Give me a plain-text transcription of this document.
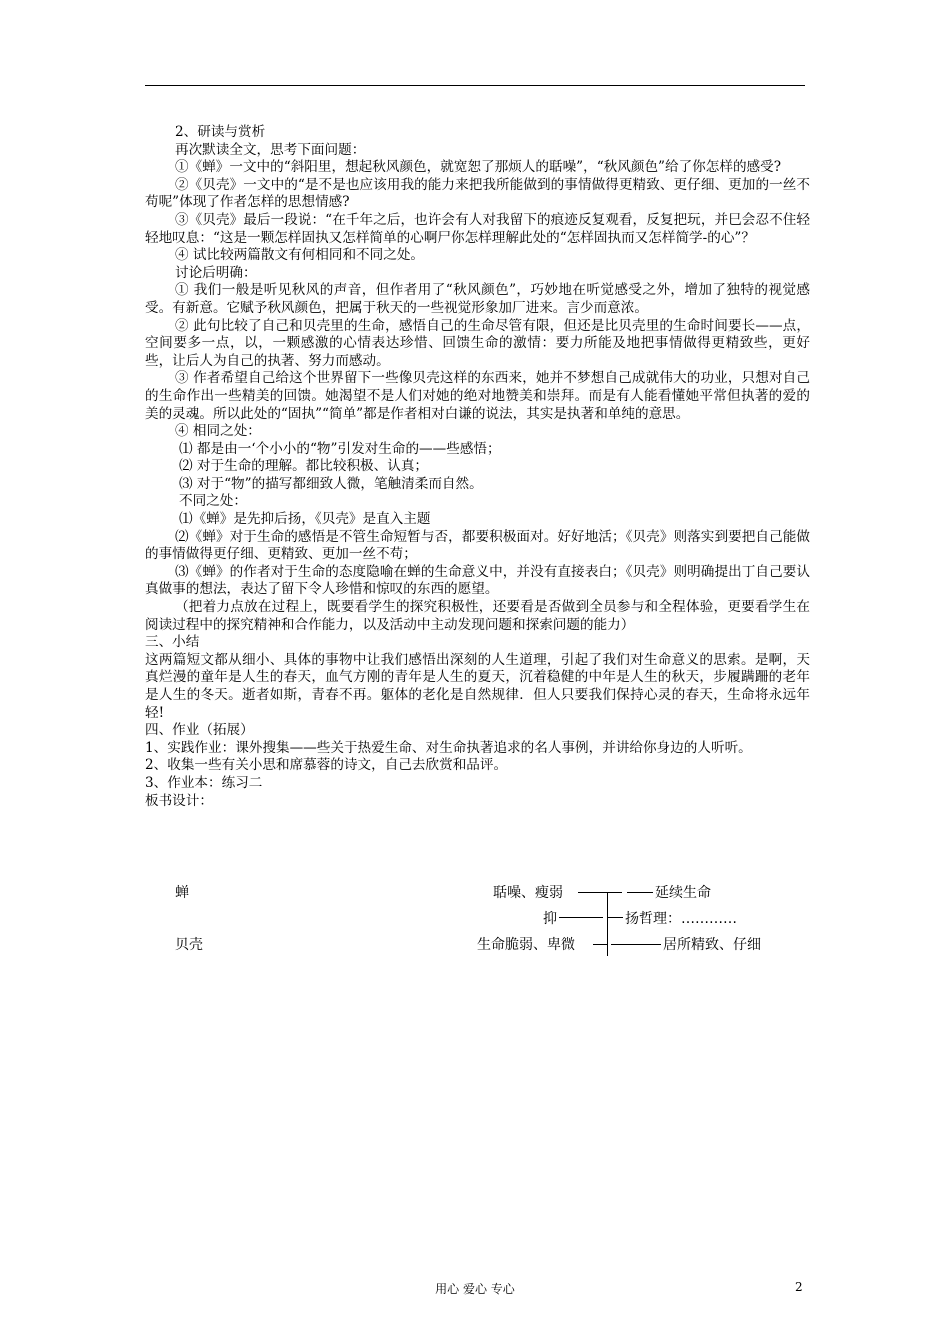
2、研读与赏析

再次默读全文，思考下面问题：

①《蝉》一文中的“斜阳里，想起秋风颜色，就宽恕了那烦人的聒噪”，“秋风颜色”给了你怎样的感受?

②《贝壳》一文中的“是不是也应该用我的能力来把我所能做到的事情做得更精致、更仔细、更加的一丝不苟呢”体现了作者怎样的思想情感?

③《贝壳》最后一段说：“在千年之后，也许会有人对我留下的痕迹反复观看，反复把玩，并巳会忍不住轻轻地叹息：“这是一颗怎样固执又怎样简单的心啊尸你怎样理解此处的“怎样固执而又怎样简学-的心”？

④ 试比较两篇散文有何相同和不同之处。

讨论后明确：

① 我们一般是听见秋风的声音，但作者用了“秋风颜色”，巧妙地在听觉感受之外，增加了独特的视觉感受。有新意。它赋予秋风颜色，把属于秋天的一些视觉形象加厂进来。言少而意浓。

② 此句比较了自己和贝壳里的生命，感悟自己的生命尽管有限，但还是比贝壳里的生命时间要长——点，空间要多一点，以，一颗感激的心情表达珍惜、回馈生命的激情：要力所能及地把事情做得更精致些，更好些，让后人为自己的执著、努力而感动。

③ 作者希望自己给这个世界留下一些像贝壳这样的东西来，她并不梦想自己成就伟大的功业，只想对自己的生命作出一些精美的回馈。她渴望不是人们对她的绝对地赞美和崇拜。而是有人能看懂她平常但执著的爱的美的灵魂。所以此处的“固执”“简单”都是作者相对白谦的说法，其实是执著和单纯的意思。

④ 相同之处：

⑴ 都是由一‘个小小的“物”引发对生命的——些感悟；

⑵ 对于生命的理解。都比较积极、认真；

⑶ 对于“物”的描写都细致人微，笔触清柔而自然。

不同之处：

⑴《蝉》是先抑后扬，《贝壳》是直入主题

⑵《蝉》对于生命的感悟是不管生命短暂与否，都要积极面对。好好地活；《贝壳》则落实到要把自己能做的事情做得更仔细、更精致、更加一丝不苟；

⑶《蝉》的作者对于生命的态度隐喻在蝉的生命意义中，并没有直接表白；《贝壳》则明确提出丁自己要认真做事的想法，表达了留下令人珍惜和惊叹的东西的愿望。

（把着力点放在过程上，既要看学生的探究积极性，还要看是否做到全员参与和全程体验，更要看学生在阅读过程中的探究精神和合作能力，以及活动中主动发现问题和探索问题的能力）

三、小结

这两篇短文都从细小、具体的事物中让我们感悟出深刻的人生道理，引起了我们对生命意义的思索。是啊，天真烂漫的童年是人生的春天，血气方刚的青年是人生的夏天，沉着稳健的中年是人生的秋天，步履蹒跚的老年是人生的冬天。逝者如斯，青春不再。躯体的老化是自然规律．但人只要我们保持心灵的春天，生命将永远年轻!

四、作业（拓展）

1、实践作业：课外搜集——些关于热爱生命、对生命执著追求的名人事例，并讲给你身边的人听听。

2、收集一些有关小思和席慕蓉的诗文，自己去欣赏和品评。

3、作业本：练习二

板书设计：

蝉	聒噪、瘦弱	延续生命
抑	扬哲理：…………
贝壳	生命脆弱、卑微	居所精致、仔细
用心 爱心 专心	2
